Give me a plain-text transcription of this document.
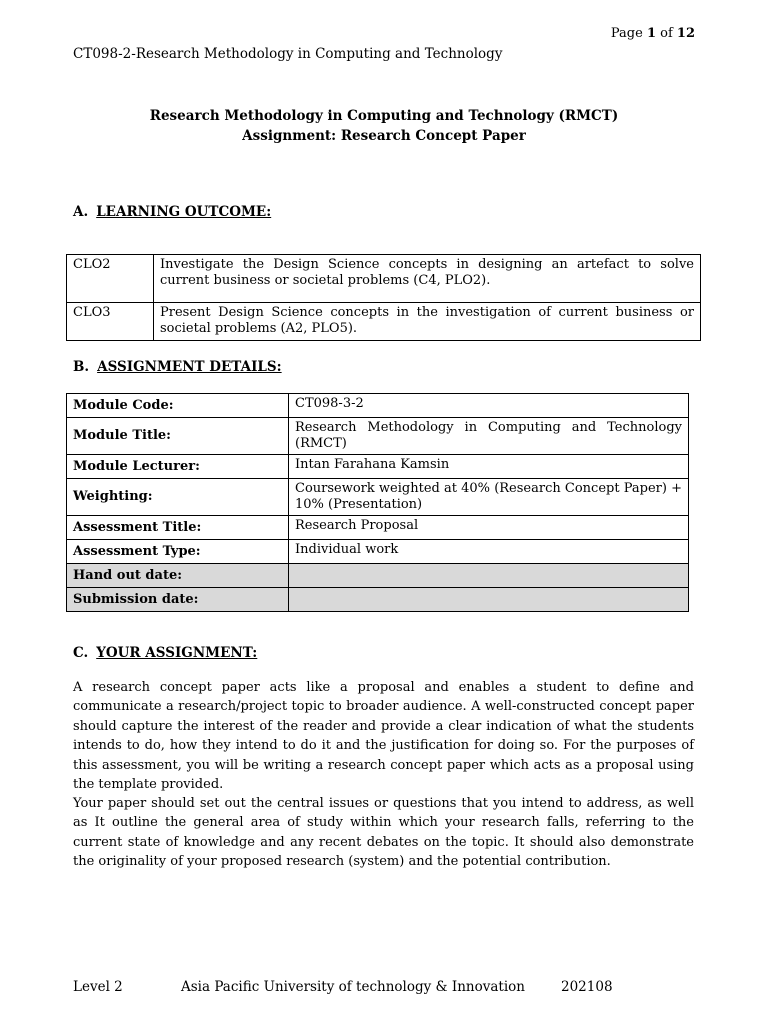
Page 1 of 12
CT098-2-Research Methodology in Computing and Technology
Research Methodology in Computing and Technology (RMCT)
Assignment: Research Concept Paper
A. LEARNING OUTCOME:
CLO2	Investigate the Design Science concepts in designing an artefact to solve current business or societal problems (C4, PLO2).
CLO3	Present Design Science concepts in the investigation of current business or societal problems (A2, PLO5).
B. ASSIGNMENT DETAILS:
Module Code:	CT098-3-2
Module Title:	Research Methodology in Computing and Technology (RMCT)
Module Lecturer:	Intan Farahana Kamsin
Weighting:	Coursework weighted at 40% (Research Concept Paper) + 10% (Presentation)
Assessment Title:	Research Proposal
Assessment Type:	Individual work
Hand out date:	
Submission date:	
C. YOUR ASSIGNMENT:
A research concept paper acts like a proposal and enables a student to define and communicate a research/project topic to broader audience. A well-constructed concept paper should capture the interest of the reader and provide a clear indication of what the students intends to do, how they intend to do it and the justification for doing so. For the purposes of this assessment, you will be writing a research concept paper which acts as a proposal using the template provided.
Your paper should set out the central issues or questions that you intend to address, as well as It outline the general area of study within which your research falls, referring to the current state of knowledge and any recent debates on the topic. It should also demonstrate the originality of your proposed research (system) and the potential contribution.
Level 2	Asia Pacific University of technology & Innovation	202108
